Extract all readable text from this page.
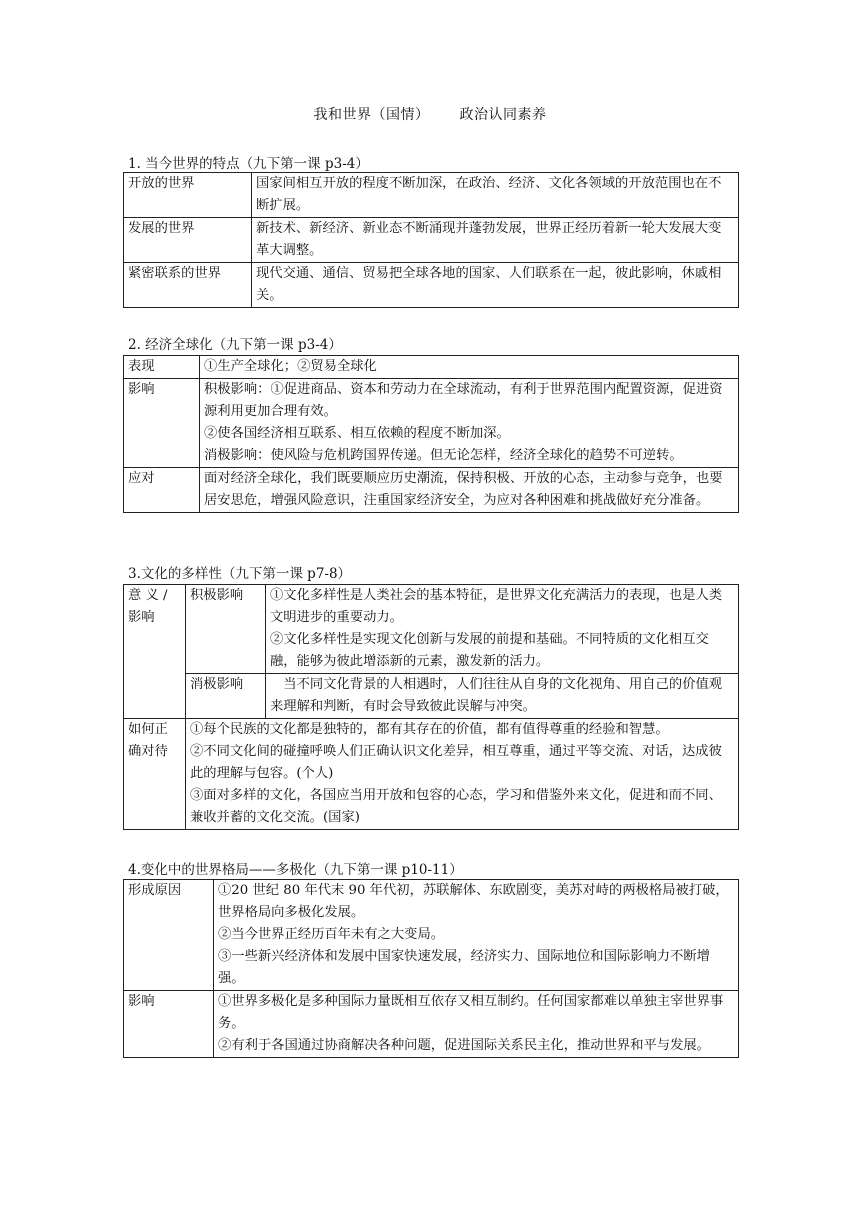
我和世界（国情） 政治认同素养
1. 当今世界的特点（九下第一课 p3-4）
开放的世界	国家间相互开放的程度不断加深，在政治、经济、文化各领域的开放范围也在不断扩展。
发展的世界	新技术、新经济、新业态不断涌现并蓬勃发展，世界正经历着新一轮大发展大变革大调整。
紧密联系的世界	现代交通、通信、贸易把全球各地的国家、人们联系在一起，彼此影响，休戚相关。
2. 经济全球化（九下第一课 p3-4）
表现	①生产全球化；②贸易全球化

影响	积极影响：①促进商品、资本和劳动力在全球流动，有利于世界范围内配置资源，促进资源利用更加合理有效。

②使各国经济相互联系、相互依赖的程度不断加深。

消极影响：使风险与危机跨国界传递。但无论怎样，经济全球化的趋势不可逆转。

应对	面对经济全球化，我们既要顺应历史潮流，保持积极、开放的心态，主动参与竞争，也要居安思危，增强风险意识，注重国家经济安全，为应对各种困难和挑战做好充分准备。

3.文化的多样性（九下第一课 p7-8）
意 义 / 影响	积极影响	①文化多样性是人类社会的基本特征，是世界文化充满活力的表现，也是人类文明进步的重要动力。

②文化多样性是实现文化创新与发展的前提和基础。不同特质的文化相互交融，能够为彼此增添新的元素，激发新的活力。

	消极影响	当不同文化背景的人相遇时，人们往往从自身的文化视角、用自己的价值观来理解和判断，有时会导致彼此误解与冲突。

如何正确对待	①每个民族的文化都是独特的，都有其存在的价值，都有值得尊重的经验和智慧。

②不同文化间的碰撞呼唤人们正确认识文化差异，相互尊重，通过平等交流、对话，达成彼此的理解与包容。(个人)

③面对多样的文化，各国应当用开放和包容的心态，学习和借鉴外来文化，促进和而不同、兼收并蓄的文化交流。(国家)	

4.变化中的世界格局——多极化（九下第一课 p10-11）
形成原因	①20 世纪 80 年代末 90 年代初，苏联解体、东欧剧变，美苏对峙的两极格局被打破，世界格局向多极化发展。

②当今世界正经历百年未有之大变局。

③一些新兴经济体和发展中国家快速发展，经济实力、国际地位和国际影响力不断增强。

影响	①世界多极化是多种国际力量既相互依存又相互制约。任何国家都难以单独主宰世界事务。

②有利于各国通过协商解决各种问题，促进国际关系民主化，推动世界和平与发展。
